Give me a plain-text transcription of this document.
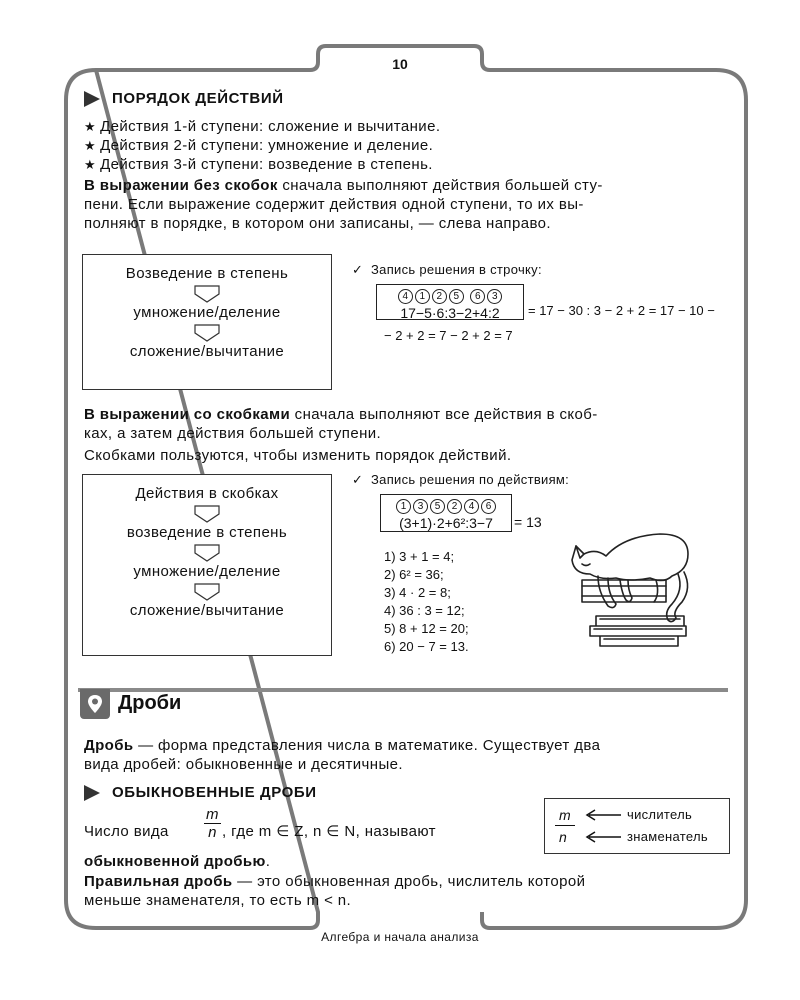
10
ПОРЯДОК ДЕЙСТВИЙ
★ Действия 1-й ступени: сложение и вычитание.
★ Действия 2-й ступени: умножение и деление.
★ Действия 3-й ступени: возведение в степень.
В выражении без скобок сначала выполняют действия большей сту-
пени. Если выражение содержит действия одной ступени, то их вы-
полняют в порядке, в котором они записаны, — слева направо.
Возведение в степень
умножение/деление
сложение/вычитание
✓ Запись решения в строчку:
4 1 2 5 6 3
17−5·6:3−2+4:2	= 17 − 30 : 3 − 2 + 2 = 17 − 10 −
− 2 + 2 = 7 − 2 + 2 = 7
В выражении со скобками сначала выполняют все действия в скоб-
ках, а затем действия большей ступени.
Скобками пользуются, чтобы изменить порядок действий.
Действия в скобках
возведение в степень
умножение/деление
сложение/вычитание
✓ Запись решения по действиям:
1 3 5 2 4 6
(3+1)·2+6²:3−7	= 13
1) 3 + 1 = 4;
2) 6² = 36;
3) 4 · 2 = 8;
4) 36 : 3 = 12;
5) 8 + 12 = 20;
6) 20 − 7 = 13.
Дроби
Дробь — форма представления числа в математике. Существует два
вида дробей: обыкновенные и десятичные.
ОБЫКНОВЕННЫЕ ДРОБИ
Число вида $\frac{m}{n}$ , где m ∈ Z, n ∈ N, называют
обыкновенной дробью.
m
n
числитель
знаменатель
Правильная дробь — это обыкновенная дробь, числитель которой
меньше знаменателя, то есть m < n.
Алгебра и начала анализа
